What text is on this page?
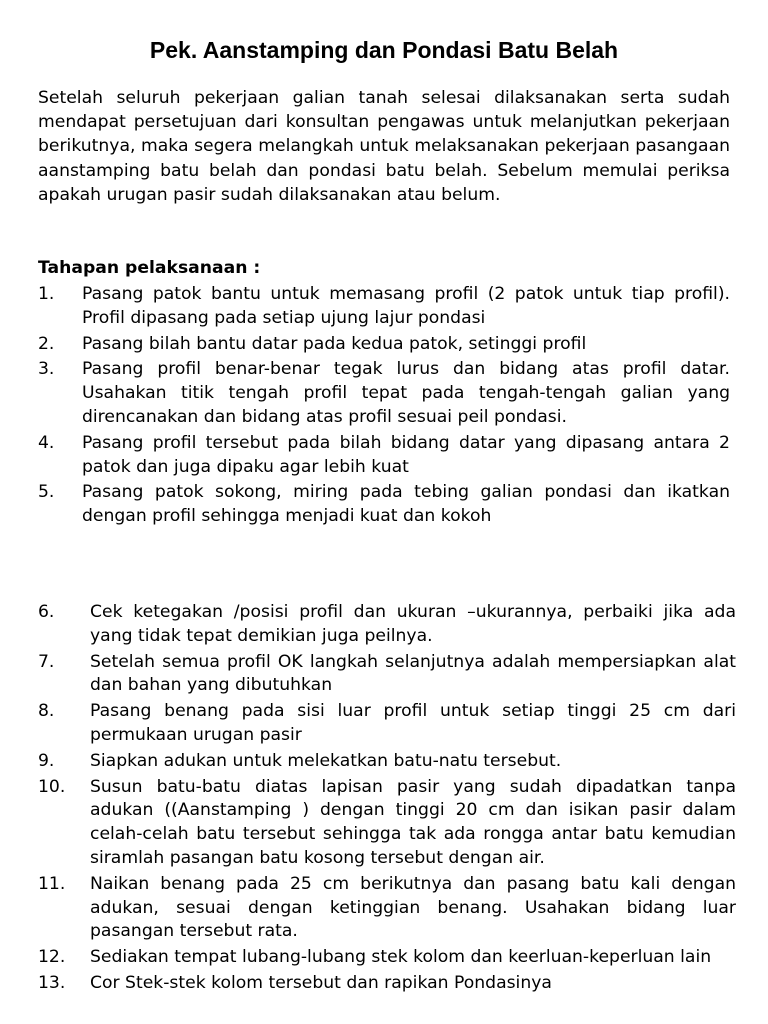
Pek. Aanstamping dan Pondasi Batu Belah

Setelah seluruh pekerjaan galian tanah selesai dilaksanakan serta sudah mendapat persetujuan dari konsultan pengawas untuk melanjutkan pekerjaan berikutnya, maka segera melangkah untuk melaksanakan pekerjaan pasangaan aanstamping batu belah dan pondasi batu belah. Sebelum memulai periksa apakah urugan pasir sudah dilaksanakan atau belum.

Tahapan pelaksanaan :

1. Pasang patok bantu untuk memasang profil (2 patok untuk tiap profil). Profil dipasang pada setiap ujung lajur pondasi
2. Pasang bilah bantu datar pada kedua patok, setinggi profil
3. Pasang profil benar-benar tegak lurus dan bidang atas profil datar. Usahakan titik tengah profil tepat pada tengah-tengah galian yang direncanakan dan bidang atas profil sesuai peil pondasi.
4. Pasang profil tersebut pada bilah bidang datar yang dipasang antara 2 patok dan juga dipaku agar lebih kuat
5. Pasang patok sokong, miring pada tebing galian pondasi dan ikatkan dengan profil sehingga menjadi kuat dan kokoh
6. Cek ketegakan /posisi profil dan ukuran –ukurannya, perbaiki jika ada yang tidak tepat demikian juga peilnya.
7. Setelah semua profil OK langkah selanjutnya adalah mempersiapkan alat dan bahan yang dibutuhkan
8. Pasang benang pada sisi luar profil untuk setiap tinggi 25 cm dari permukaan urugan pasir
9. Siapkan adukan untuk melekatkan batu-natu tersebut.
10. Susun batu-batu diatas lapisan pasir yang sudah dipadatkan tanpa adukan ((Aanstamping ) dengan tinggi 20 cm dan isikan pasir dalam celah-celah batu tersebut sehingga tak ada rongga antar batu kemudian siramlah pasangan batu kosong tersebut dengan air.
11. Naikan benang pada 25 cm berikutnya dan pasang batu kali dengan adukan, sesuai dengan ketinggian benang. Usahakan bidang luar pasangan tersebut rata.
12. Sediakan tempat lubang-lubang stek kolom dan keerluan-keperluan lain
13. Cor Stek-stek kolom tersebut dan rapikan Pondasinya
